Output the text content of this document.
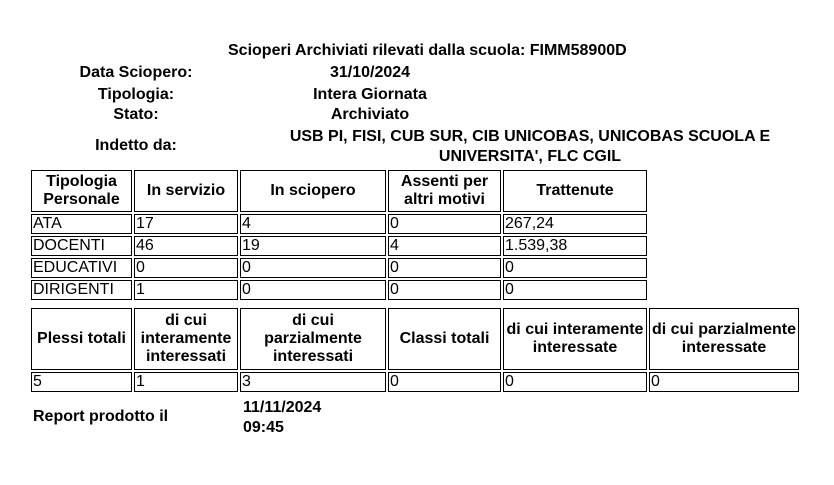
Scioperi Archiviati rilevati dalla scuola: FIMM58900D
Data Sciopero:	31/10/2024
Tipologia:	Intera Giornata
Stato:	Archiviato
Indetto da:
USB PI, FISI, CUB SUR, CIB UNICOBAS, UNICOBAS SCUOLA E
UNIVERSITA', FLC CGIL
Tipologia Personale	In servizio	In sciopero	Assenti per altri motivi	Trattenute
ATA	17	4	0	267,24
DOCENTI	46	19	4	1.539,38
EDUCATIVI	0	0	0	0
DIRIGENTI	1	0	0	0
Plessi totali	di cui interamente interessati	di cui parzialmente interessati	Classi totali	di cui interamente interessate	di cui parzialmente interessate
5	1	3	0	0	0
Report prodotto il
11/11/2024
09:45
